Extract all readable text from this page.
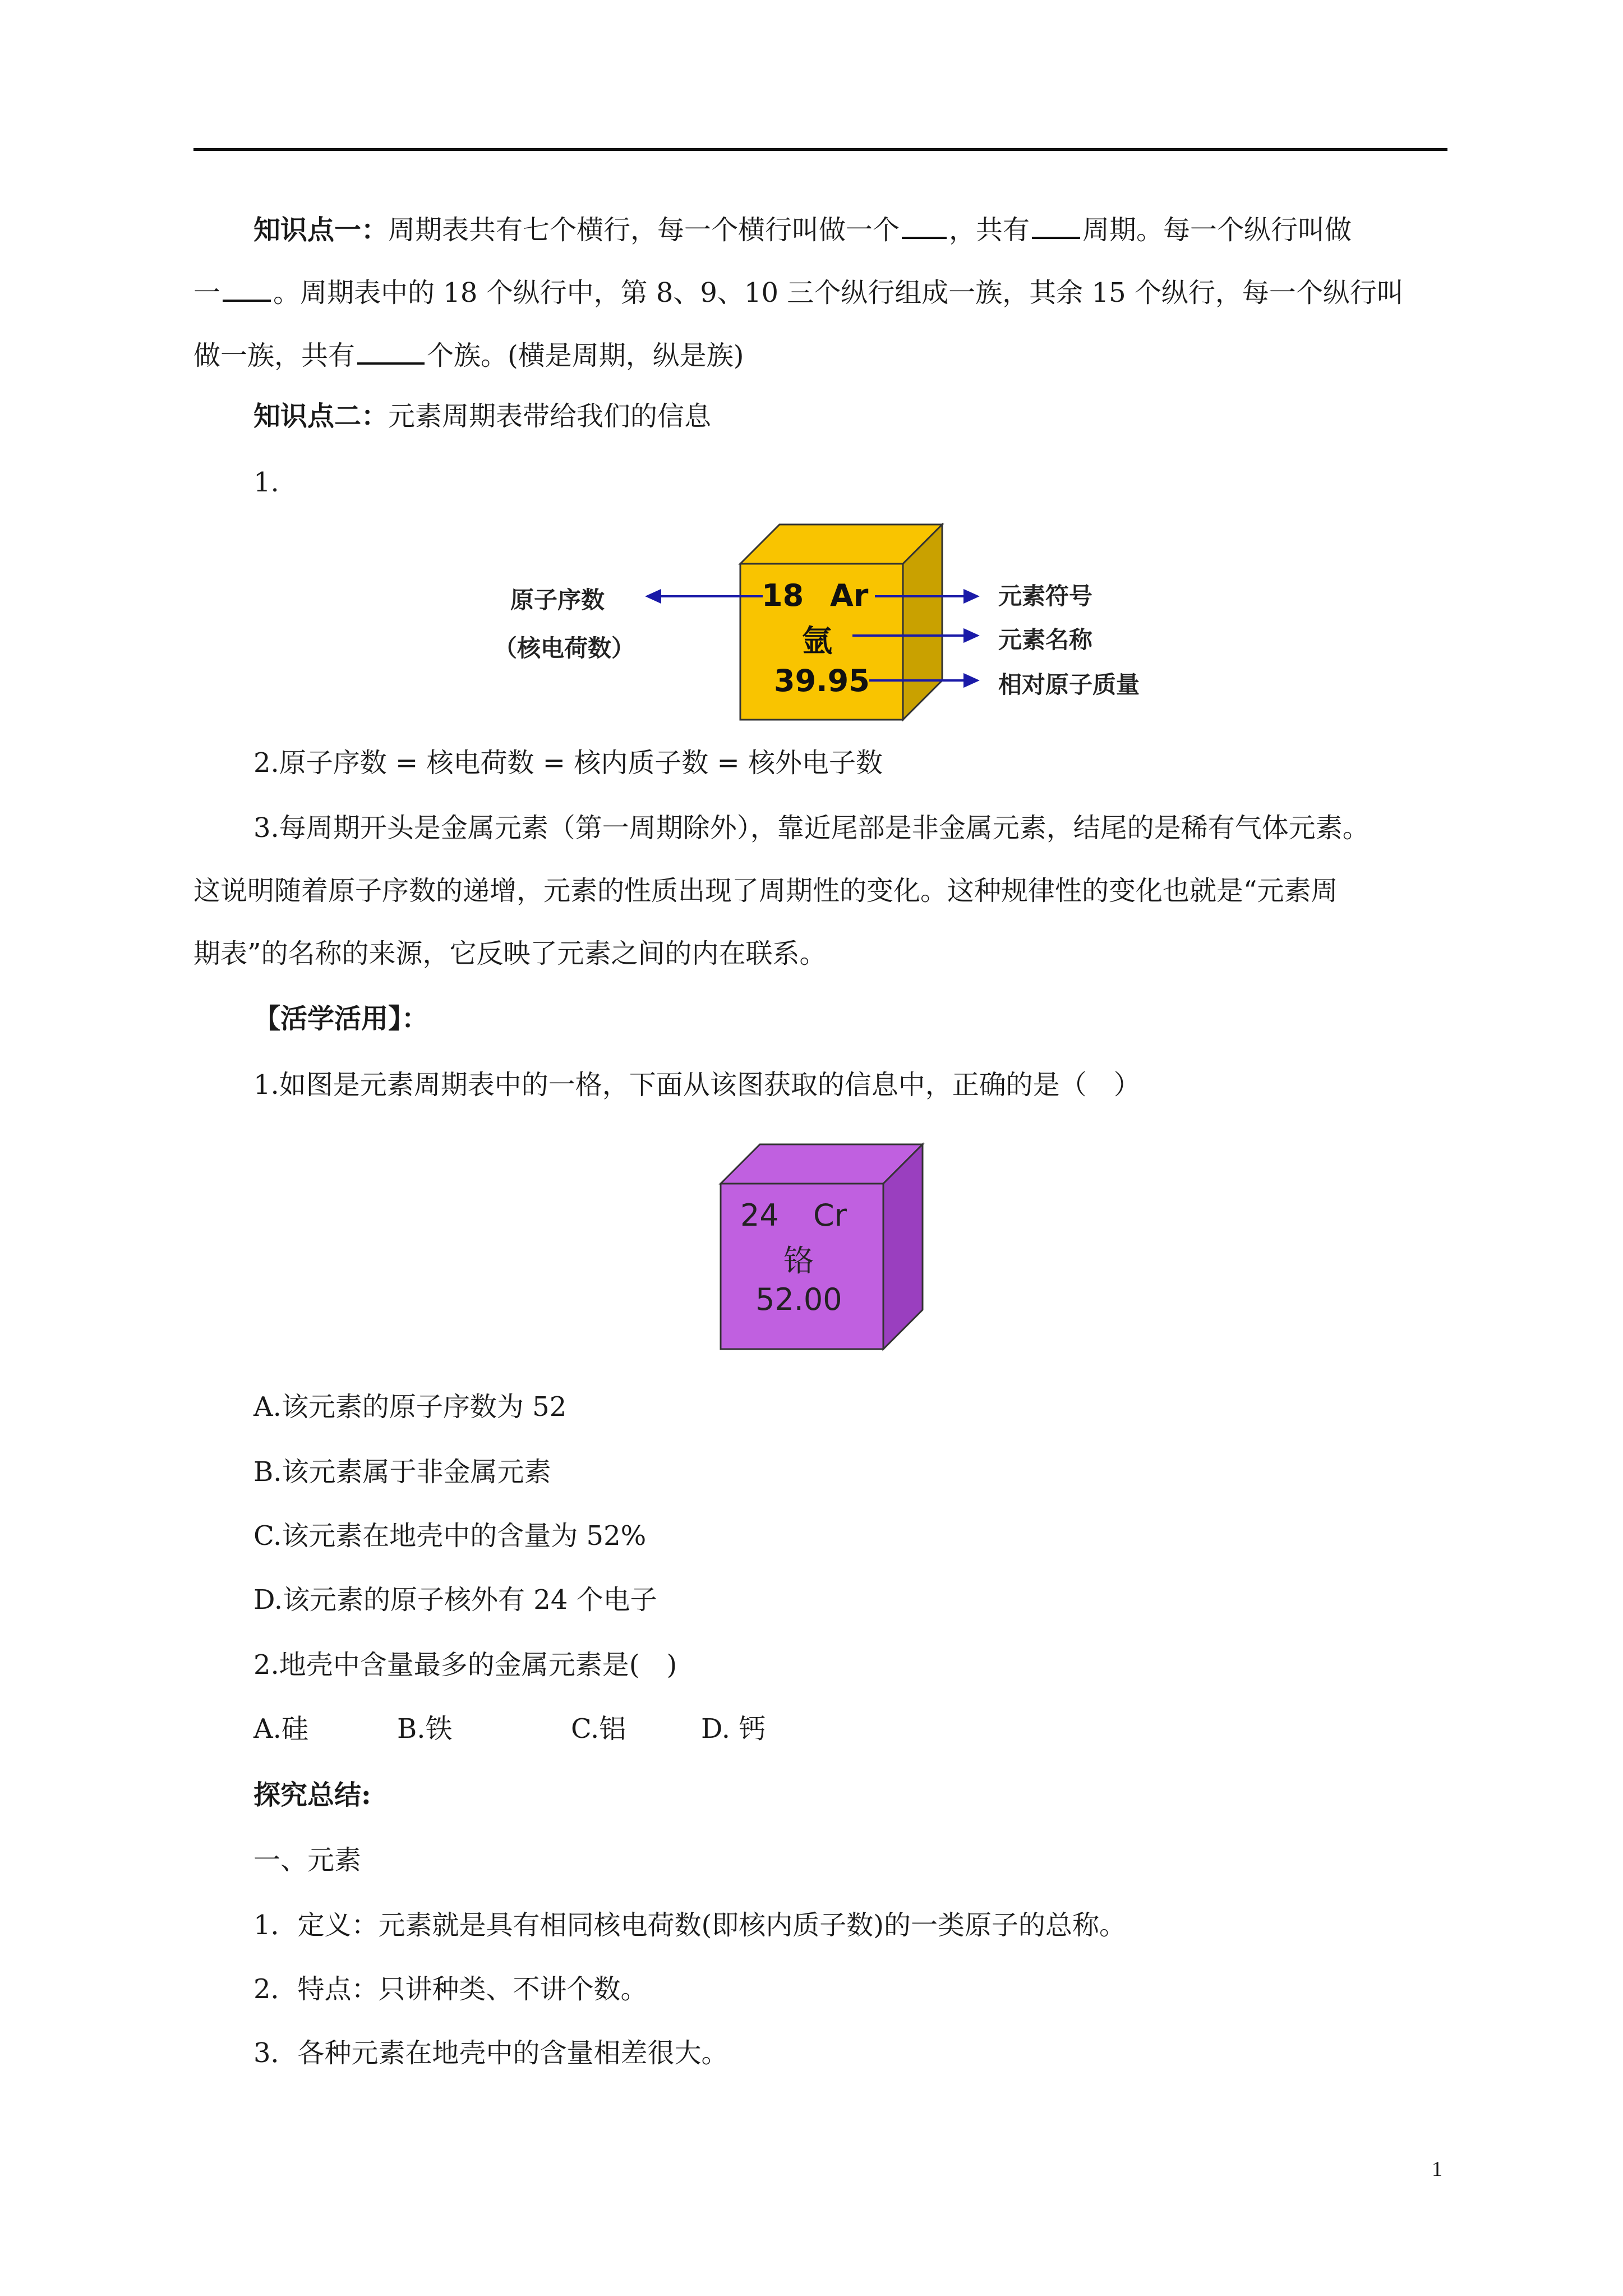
知识点一：周期表共有七个横行，每一个横行叫做一个 ，共有 周期。每一个纵行叫做
一 。周期表中的 18 个纵行中，第 8、9、10 三个纵行组成一族，其余 15 个纵行，每一个纵行叫
做一族，共有	个族。(横是周期，纵是族)
知识点二：元素周期表带给我们的信息
1.
18 Ar
氩
39.95
原子序数
（核电荷数）
元素符号
元素名称
相对原子质量
2.原子序数 = 核电荷数 = 核内质子数 = 核外电子数
3.每周期开头是金属元素（第一周期除外），靠近尾部是非金属元素，结尾的是稀有气体元素。
这说明随着原子序数的递增，元素的性质出现了周期性的变化。这种规律性的变化也就是“元素周
期表”的名称的来源，它反映了元素之间的内在联系。
【活学活用】：
1.如图是元素周期表中的一格，下面从该图获取的信息中，正确的是（　）
24 Cr
铬
52.00
A.该元素的原子序数为 52
B.该元素属于非金属元素
C.该元素在地壳中的含量为 52%
D.该元素的原子核外有 24 个电子
2.地壳中含量最多的金属元素是(　)
A.硅	B.铁	C.铝	D. 钙
探究总结:
一、元素
1．定义：元素就是具有相同核电荷数(即核内质子数)的一类原子的总称。
2．特点：只讲种类、不讲个数。
3．各种元素在地壳中的含量相差很大。
1
